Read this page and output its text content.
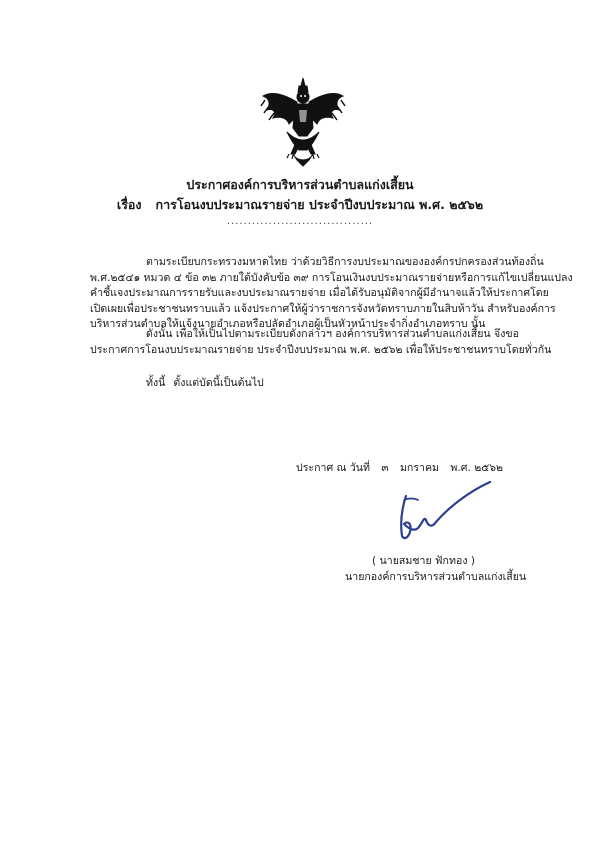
ประกาศองค์การบริหารส่วนตำบลแก่งเสี้ยน
เรื่อง การโอนงบประมาณรายจ่าย ประจำปีงบประมาณ พ.ศ. ๒๕๖๒
...................................
ตามระเบียบกระทรวงมหาดไทย ว่าด้วยวิธีการงบประมาณขององค์กรปกครองส่วนท้องถิ่น
พ.ศ.๒๕๔๑ หมวด ๔ ข้อ ๓๒ ภายใต้บังคับข้อ ๓๙ การโอนเงินงบประมาณรายจ่ายหรือการแก้ไขเปลี่ยนแปลง
คำชี้แจงประมาณการรายรับและงบประมาณรายจ่าย เมื่อได้รับอนุมัติจากผู้มีอำนาจแล้วให้ประกาศโดย
เปิดเผยเพื่อประชาชนทราบแล้ว แจ้งประกาศให้ผู้ว่าราชการจังหวัดทราบภายในสิบห้าวัน สำหรับองค์การ
บริหารส่วนตำบลให้แจ้งนายอำเภอหรือปลัดอำเภอผู้เป็นหัวหน้าประจำกิ่งอำเภอทราบ นั้น
ดังนั้น เพื่อให้เป็นไปตามระเบียบดังกล่าวฯ องค์การบริหารส่วนตำบลแก่งเสี้ยน จึงขอ
ประกาศการโอนงบประมาณรายจ่าย ประจำปีงบประมาณ พ.ศ. ๒๕๖๒ เพื่อให้ประชาชนทราบโดยทั่วกัน
ทั้งนี้ ตั้งแต่บัดนี้เป็นต้นไป
ประกาศ ณ วันที่ ๓ มกราคม พ.ศ. ๒๕๖๒
( นายสมชาย ฟักทอง )
นายกองค์การบริหารส่วนตำบลแก่งเสี้ยน
